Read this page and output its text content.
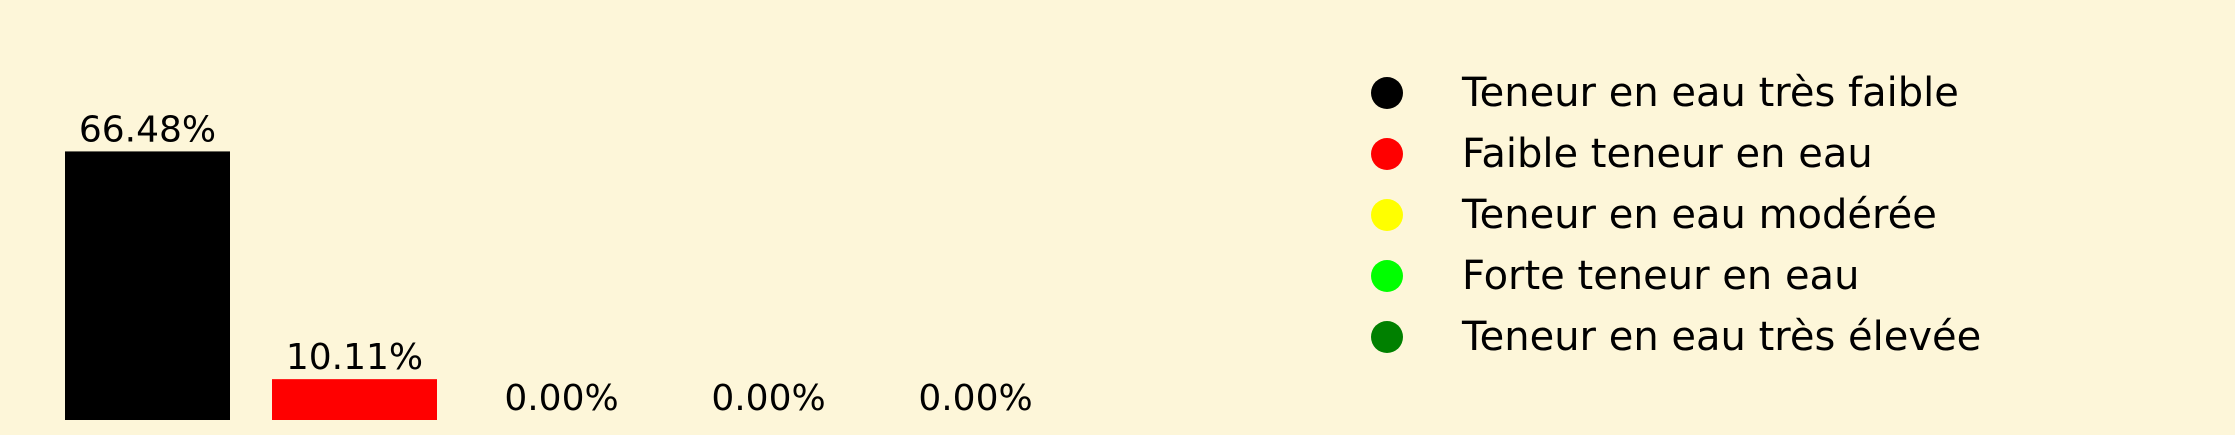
66.48%
10.11%
0.00%	0.00%	0.00%
Teneur en eau très faible
Faible teneur en eau
Teneur en eau modérée
Forte teneur en eau
Teneur en eau très élevée
